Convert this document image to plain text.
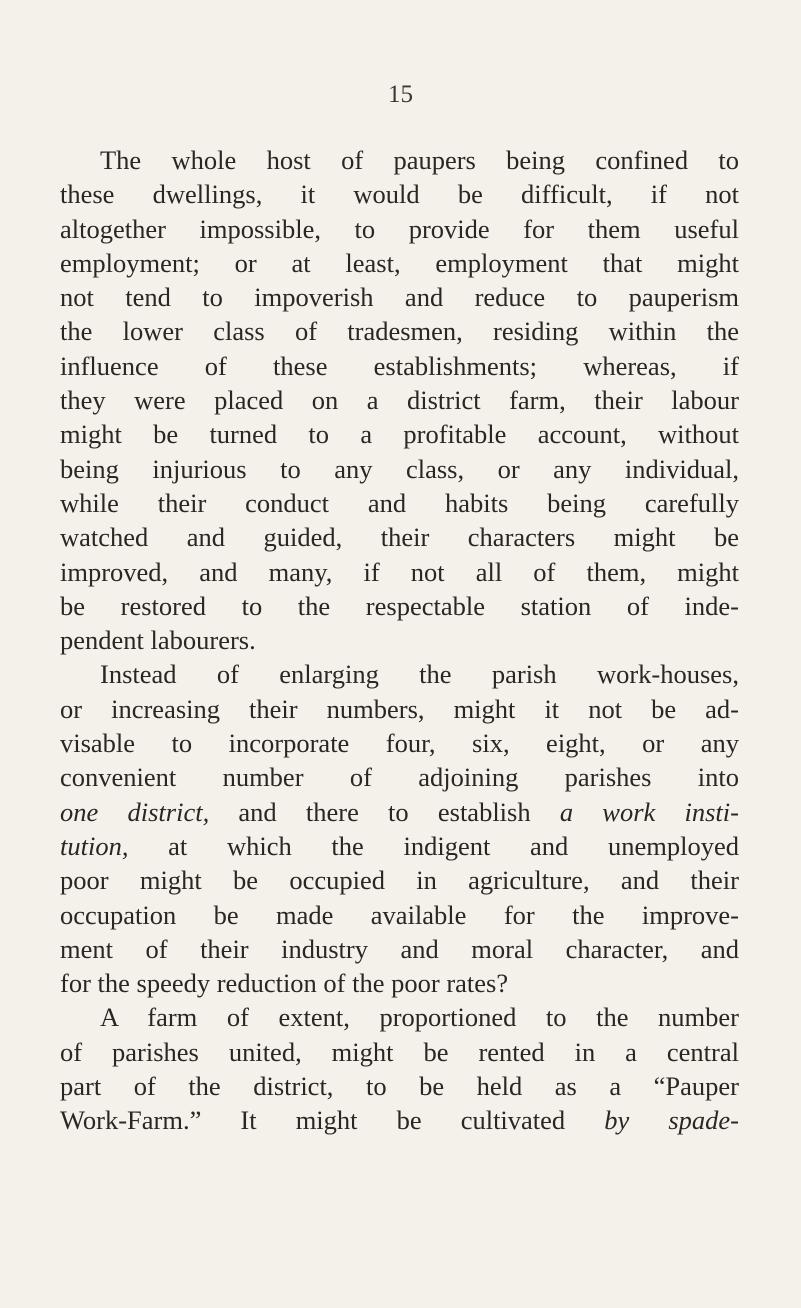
15
The whole host of paupers being confined to
these dwellings, it would be difficult, if not
altogether impossible, to provide for them useful
employment; or at least, employment that might
not tend to impoverish and reduce to pauperism
the lower class of tradesmen, residing within the
influence of these establishments; whereas, if
they were placed on a district farm, their labour
might be turned to a profitable account, without
being injurious to any class, or any individual,
while their conduct and habits being carefully
watched and guided, their characters might be
improved, and many, if not all of them, might
be restored to the respectable station of inde-
pendent labourers.
Instead of enlarging the parish work-houses,
or increasing their numbers, might it not be ad-
visable to incorporate four, six, eight, or any
convenient number of adjoining parishes into
one district, and there to establish a work insti-
tution, at which the indigent and unemployed
poor might be occupied in agriculture, and their
occupation be made available for the improve-
ment of their industry and moral character, and
for the speedy reduction of the poor rates?
A farm of extent, proportioned to the number
of parishes united, might be rented in a central
part of the district, to be held as a “Pauper
Work-Farm.” It might be cultivated by spade-
